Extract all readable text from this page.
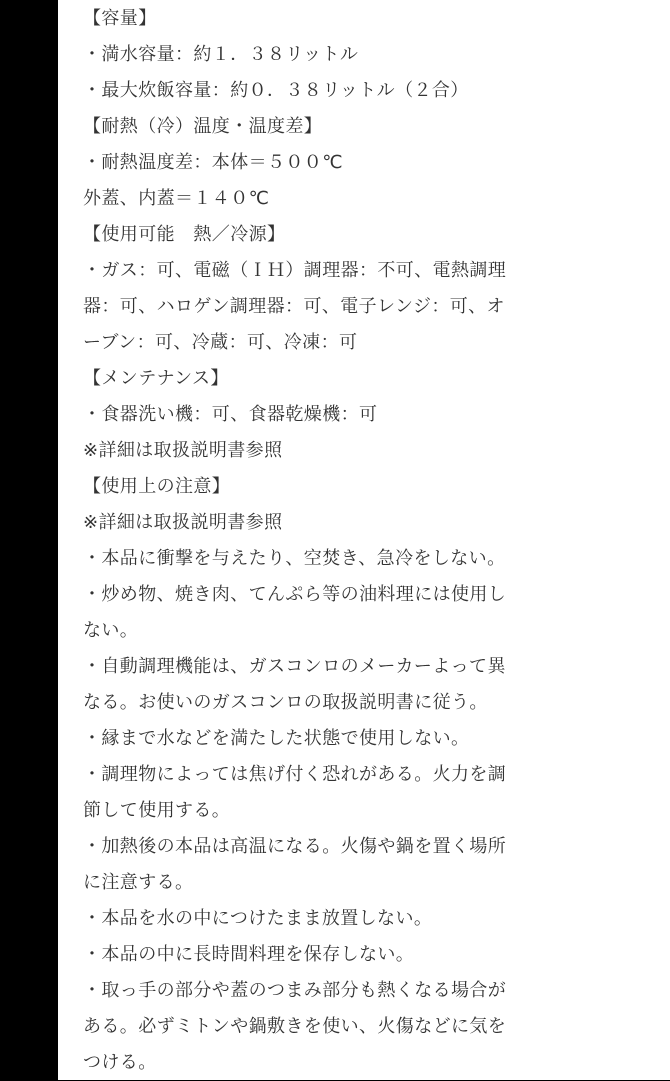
【容量】
・満水容量：約１．３８リットル
・最大炊飯容量：約０．３８リットル（２合）
【耐熱（冷）温度・温度差】
・耐熱温度差：本体＝５００℃
外蓋、内蓋＝１４０℃
【使用可能　熱／冷源】
・ガス：可、電磁（ＩＨ）調理器：不可、電熱調理
器：可、ハロゲン調理器：可、電子レンジ：可、オ
ーブン：可、冷蔵：可、冷凍：可
【メンテナンス】
・食器洗い機：可、食器乾燥機：可
※詳細は取扱説明書参照
【使用上の注意】
※詳細は取扱説明書参照
・本品に衝撃を与えたり、空焚き、急冷をしない。
・炒め物、焼き肉、てんぷら等の油料理には使用し
ない。
・自動調理機能は、ガスコンロのメーカーよって異
なる。お使いのガスコンロの取扱説明書に従う。
・縁まで水などを満たした状態で使用しない。
・調理物によっては焦げ付く恐れがある。火力を調
節して使用する。
・加熱後の本品は高温になる。火傷や鍋を置く場所
に注意する。
・本品を水の中につけたまま放置しない。
・本品の中に長時間料理を保存しない。
・取っ手の部分や蓋のつまみ部分も熱くなる場合が
ある。必ずミトンや鍋敷きを使い、火傷などに気を
つける。
